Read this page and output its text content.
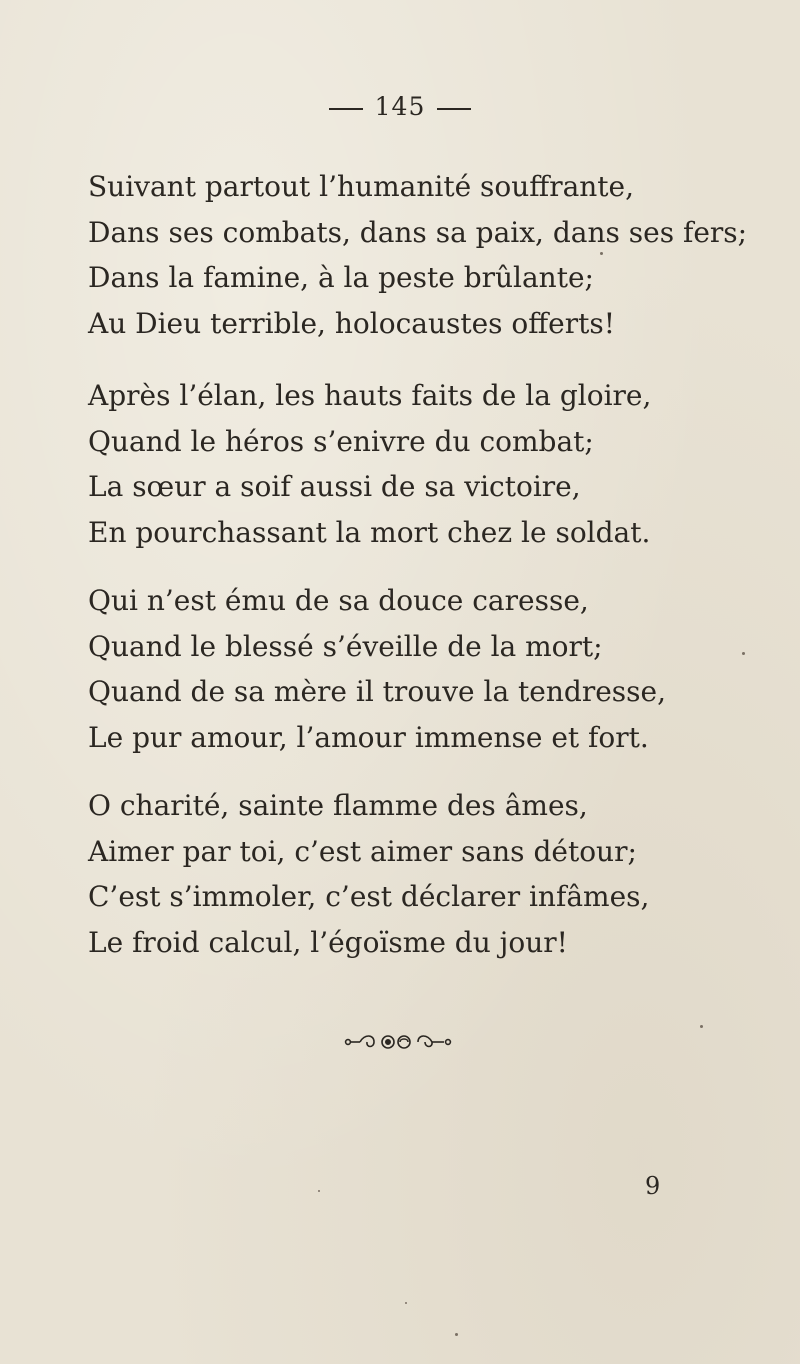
145
Suivant partout l’humanité souffrante,
Dans ses combats, dans sa paix, dans ses fers;
Dans la famine, à la peste brûlante;
Au Dieu terrible, holocaustes offerts!
Après l’élan, les hauts faits de la gloire,
Quand le héros s’enivre du combat;
La sœur a soif aussi de sa victoire,
En pourchassant la mort chez le soldat.
Qui n’est ému de sa douce caresse,
Quand le blessé s’éveille de la mort;
Quand de sa mère il trouve la tendresse,
Le pur amour, l’amour immense et fort.
O charité, sainte flamme des âmes,
Aimer par toi, c’est aimer sans détour;
C’est s’immoler, c’est déclarer infâmes,
Le froid calcul, l’égoïsme du jour!
9
